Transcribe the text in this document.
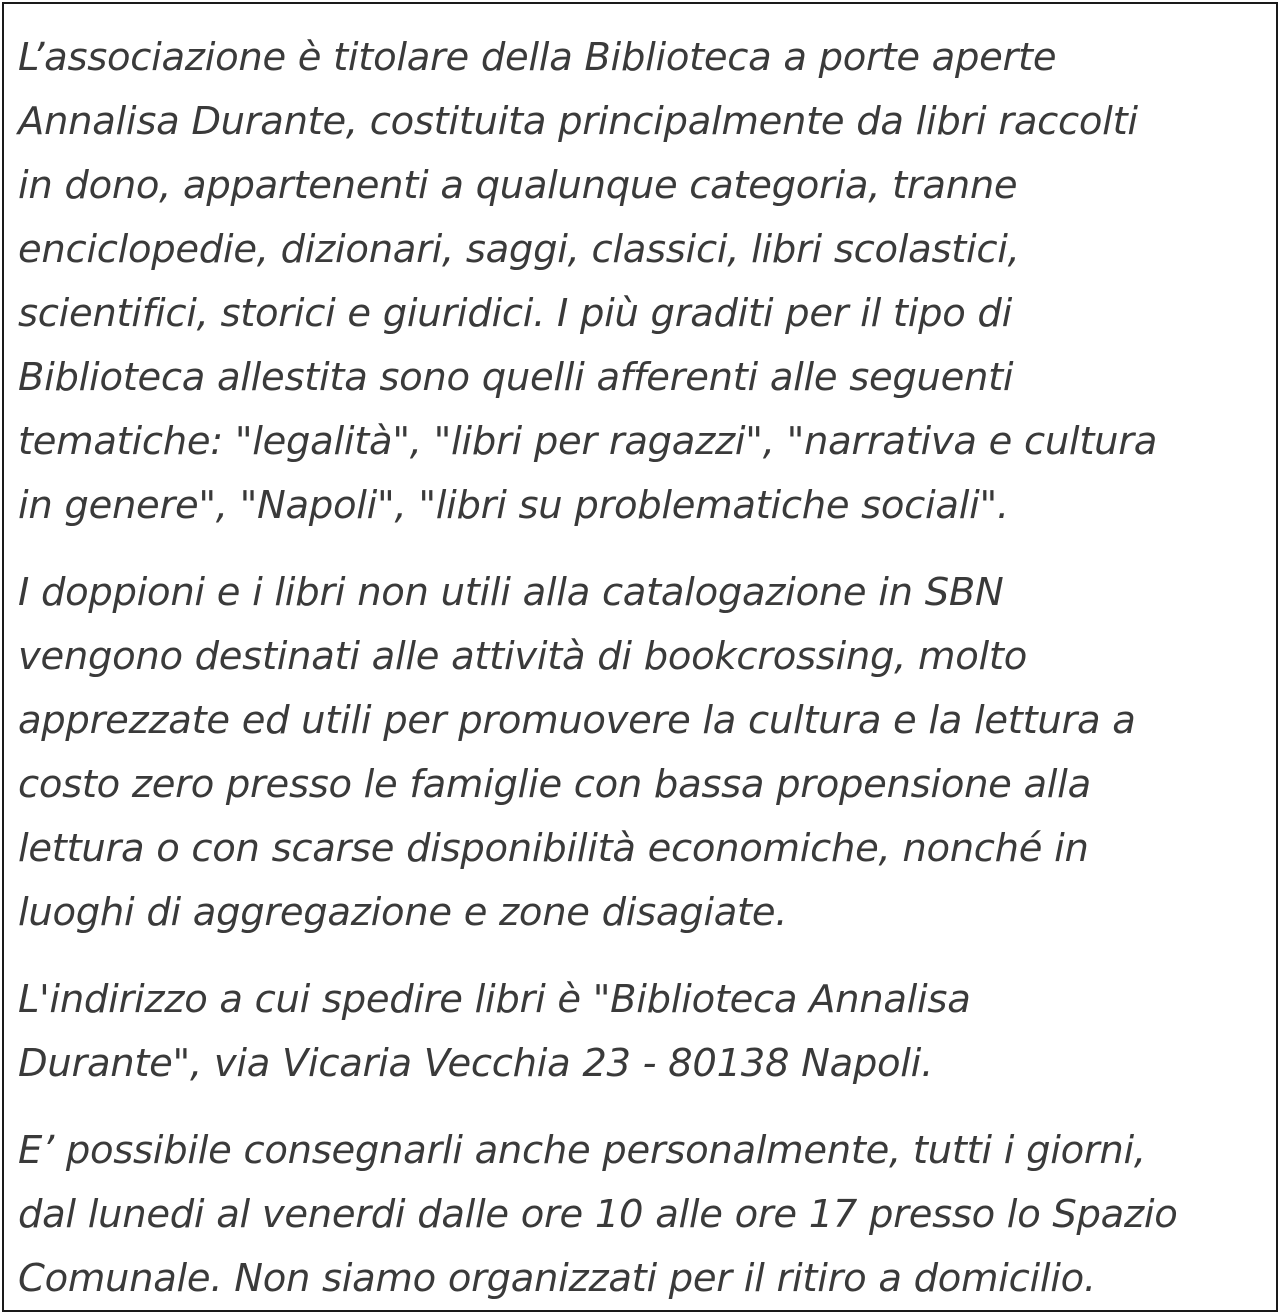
L’associazione è titolare della Biblioteca a porte aperte
Annalisa Durante, costituita principalmente da libri raccolti
in dono, appartenenti a qualunque categoria, tranne
enciclopedie, dizionari, saggi, classici, libri scolastici,
scientifici, storici e giuridici. I più graditi per il tipo di
Biblioteca allestita sono quelli afferenti alle seguenti
tematiche: "legalità", "libri per ragazzi", "narrativa e cultura
in genere", "Napoli", "libri su problematiche sociali".

I doppioni e i libri non utili alla catalogazione in SBN
vengono destinati alle attività di bookcrossing, molto
apprezzate ed utili per promuovere la cultura e la lettura a
costo zero presso le famiglie con bassa propensione alla
lettura o con scarse disponibilità economiche, nonché in
luoghi di aggregazione e zone disagiate.

L'indirizzo a cui spedire libri è "Biblioteca Annalisa
Durante", via Vicaria Vecchia 23 - 80138 Napoli.

E’ possibile consegnarli anche personalmente, tutti i giorni,
dal lunedi al venerdi dalle ore 10 alle ore 17 presso lo Spazio
Comunale. Non siamo organizzati per il ritiro a domicilio.
